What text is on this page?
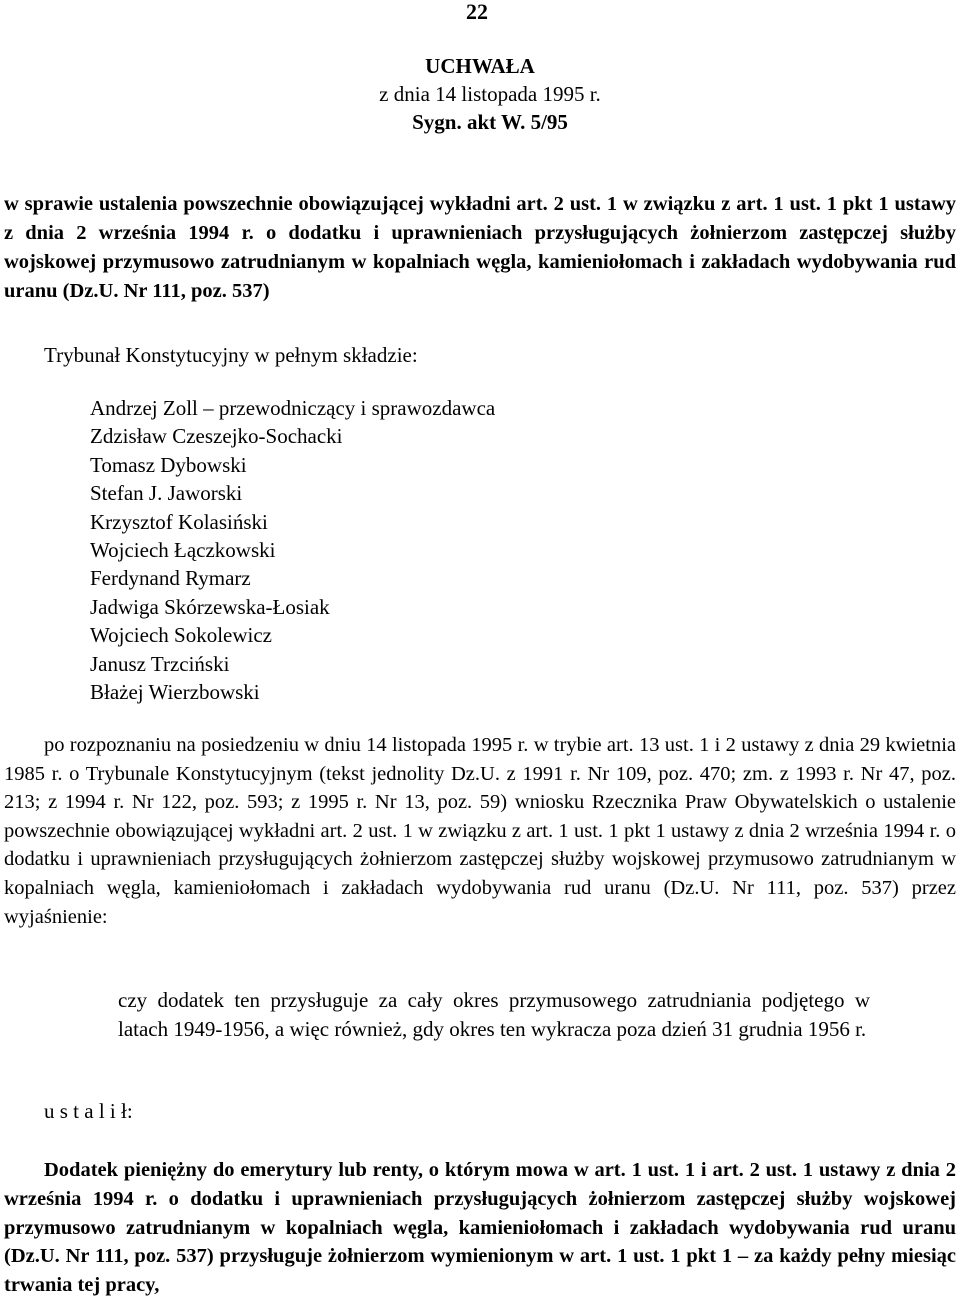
22
UCHWAŁA
z dnia 14 listopada 1995 r.
Sygn. akt W. 5/95

w sprawie ustalenia powszechnie obowiązującej wykładni art. 2 ust. 1 w związku z art. 1 ust. 1 pkt 1 ustawy z dnia 2 września 1994 r. o dodatku i uprawnieniach przysługujących żołnierzom zastępczej służby wojskowej przymusowo zatrudnianym w kopalniach węgla, kamieniołomach i zakładach wydobywania rud uranu (Dz.U. Nr 111, poz. 537)

Trybunał Konstytucyjny w pełnym składzie:
Andrzej Zoll – przewodniczący i sprawozdawca
Zdzisław Czeszejko-Sochacki
Tomasz Dybowski
Stefan J. Jaworski
Krzysztof Kolasiński
Wojciech Łączkowski
Ferdynand Rymarz
Jadwiga Skórzewska-Łosiak
Wojciech Sokolewicz
Janusz Trzciński
Błażej Wierzbowski

po rozpoznaniu na posiedzeniu w dniu 14 listopada 1995 r. w trybie art. 13 ust. 1 i 2 ustawy z dnia 29 kwietnia 1985 r. o Trybunale Konstytucyjnym (tekst jednolity Dz.U. z 1991 r. Nr 109, poz. 470; zm. z 1993 r. Nr 47, poz. 213; z 1994 r. Nr 122, poz. 593; z 1995 r. Nr 13, poz. 59) wniosku Rzecznika Praw Obywatelskich o ustalenie powszechnie obowiązującej wykładni art. 2 ust. 1 w związku z art. 1 ust. 1 pkt 1 ustawy z dnia 2 września 1994 r. o dodatku i uprawnieniach przysługujących żołnierzom zastępczej służby wojskowej przymusowo zatrudnianym w kopalniach węgla, kamieniołomach i zakładach wydobywania rud uranu (Dz.U. Nr 111, poz. 537) przez wyjaśnienie:

czy dodatek ten przysługuje za cały okres przymusowego zatrudniania podjętego w latach 1949-1956, a więc również, gdy okres ten wykracza poza dzień 31 grudnia 1956 r.

u s t a l i ł:

Dodatek pieniężny do emerytury lub renty, o którym mowa w art. 1 ust. 1 i art. 2 ust. 1 ustawy z dnia 2 września 1994 r. o dodatku i uprawnieniach przysługujących żołnierzom zastępczej służby wojskowej przymusowo zatrudnianym w kopalniach węgla, kamieniołomach i zakładach wydobywania rud uranu (Dz.U. Nr 111, poz. 537) przysługuje żołnierzom wymienionym w art. 1 ust. 1 pkt 1 – za każdy pełny miesiąc trwania tej pracy,
